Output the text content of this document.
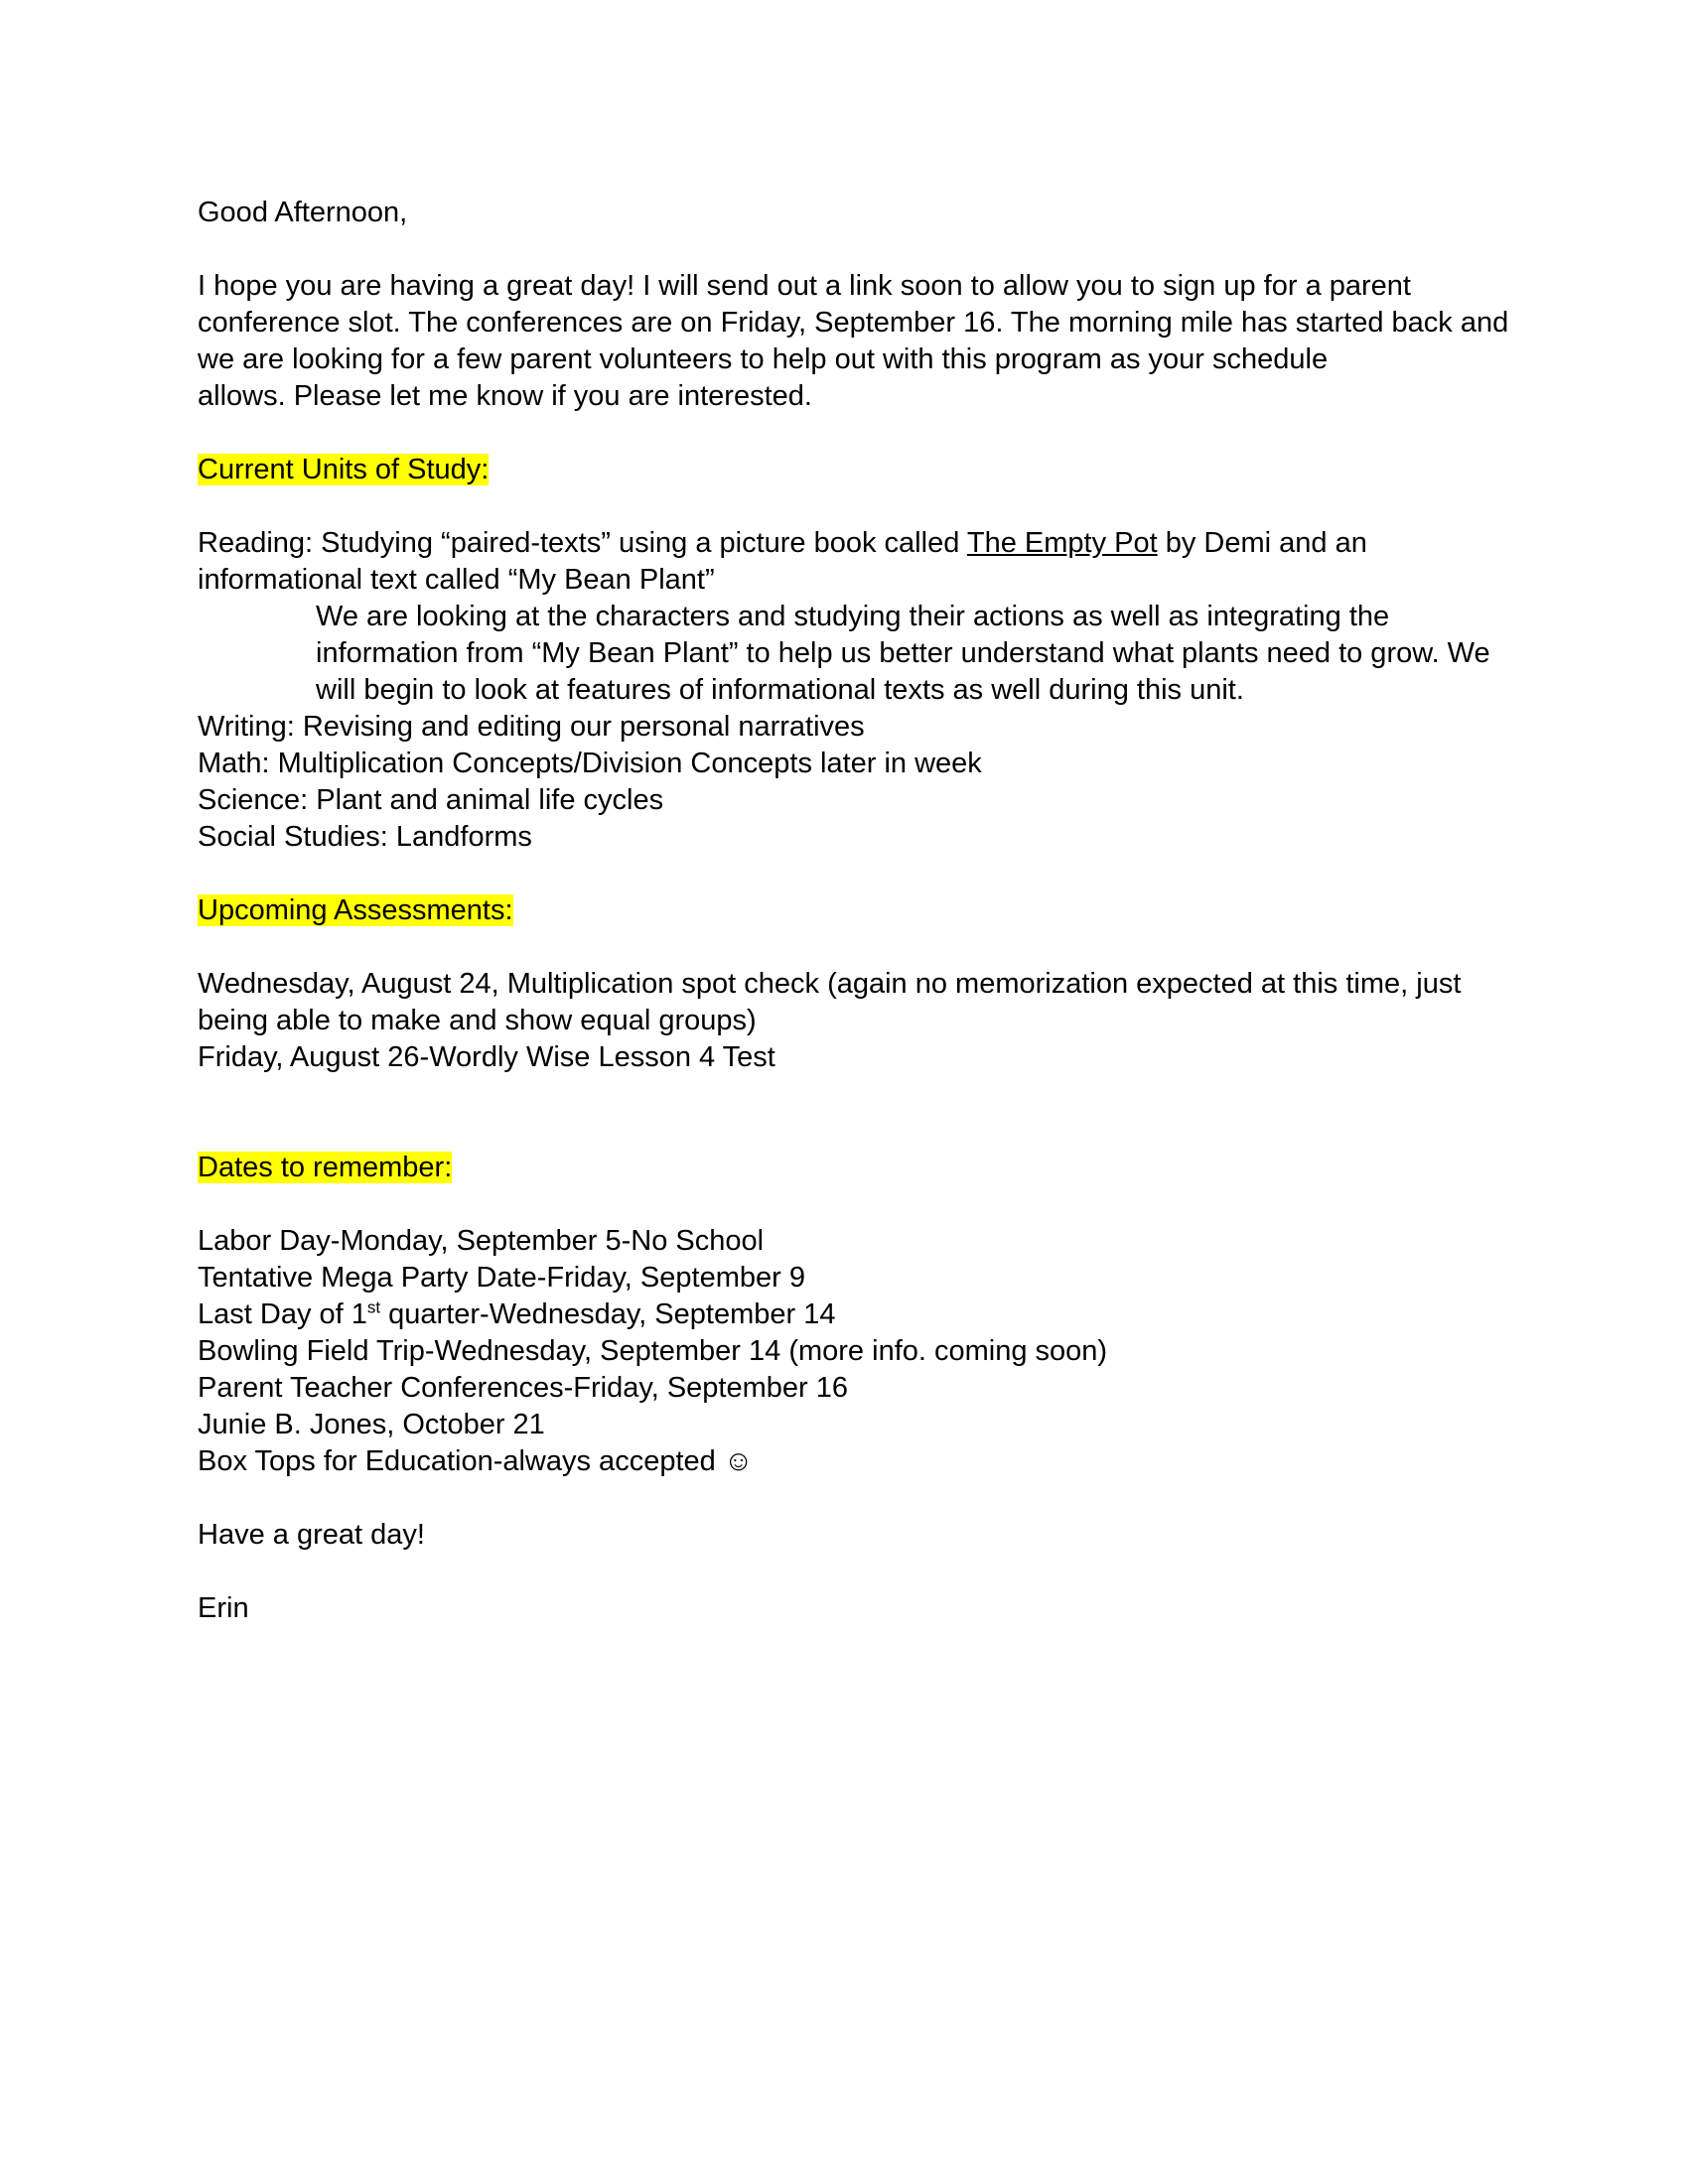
Good Afternoon,

I hope you are having a great day! I will send out a link soon to allow you to sign up for a parent

conference slot. The conferences are on Friday, September 16. The morning mile has started back and

we are looking for a few parent volunteers to help out with this program as your schedule

allows. Please let me know if you are interested.

Current Units of Study:

Reading: Studying “paired-texts” using a picture book called The Empty Pot by Demi and an

informational text called “My Bean Plant”

We are looking at the characters and studying their actions as well as integrating the

information from “My Bean Plant” to help us better understand what plants need to grow. We

will begin to look at features of informational texts as well during this unit.

Writing: Revising and editing our personal narratives

Math: Multiplication Concepts/Division Concepts later in week

Science: Plant and animal life cycles

Social Studies: Landforms

Upcoming Assessments:

Wednesday, August 24, Multiplication spot check (again no memorization expected at this time, just

being able to make and show equal groups)

Friday, August 26-Wordly Wise Lesson 4 Test

Dates to remember:

Labor Day-Monday, September 5-No School

Tentative Mega Party Date-Friday, September 9

Last Day of 1st quarter-Wednesday, September 14

Bowling Field Trip-Wednesday, September 14 (more info. coming soon)

Parent Teacher Conferences-Friday, September 16

Junie B. Jones, October 21

Box Tops for Education-always accepted ☺

Have a great day!

Erin
